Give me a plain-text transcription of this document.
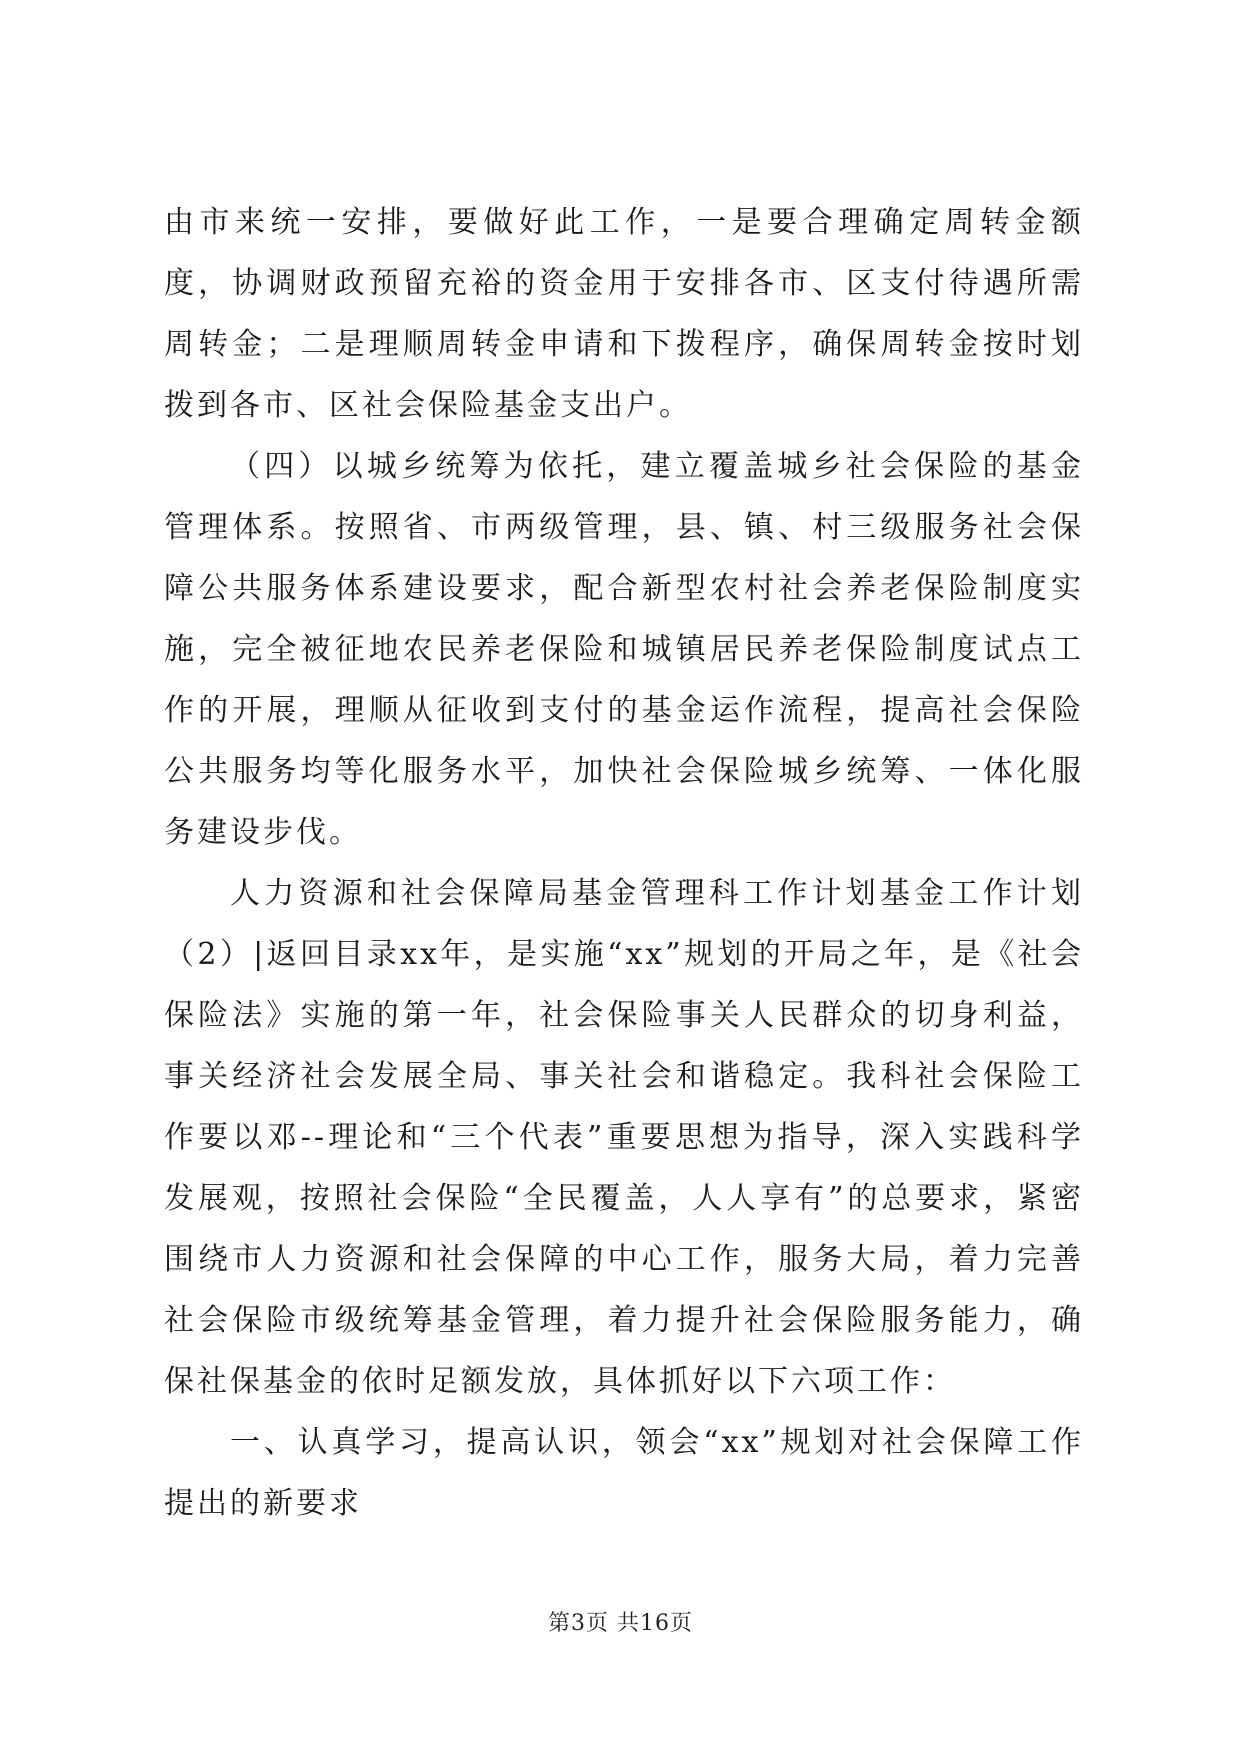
由市来统一安排，要做好此工作，一是要合理确定周转金额度，协调财政预留充裕的资金用于安排各市、区支付待遇所需周转金；二是理顺周转金申请和下拨程序，确保周转金按时划拨到各市、区社会保险基金支出户。

（四）以城乡统筹为依托，建立覆盖城乡社会保险的基金管理体系。按照省、市两级管理，县、镇、村三级服务社会保障公共服务体系建设要求，配合新型农村社会养老保险制度实施，完全被征地农民养老保险和城镇居民养老保险制度试点工作的开展，理顺从征收到支付的基金运作流程，提高社会保险公共服务均等化服务水平，加快社会保险城乡统筹、一体化服务建设步伐。

人力资源和社会保障局基金管理科工作计划基金工作计划（2）|返回目录xx年，是实施“xx”规划的开局之年，是《社会保险法》实施的第一年，社会保险事关人民群众的切身利益，事关经济社会发展全局、事关社会和谐稳定。我科社会保险工作要以邓--理论和“三个代表”重要思想为指导，深入实践科学发展观，按照社会保险“全民覆盖，人人享有”的总要求，紧密围绕市人力资源和社会保障的中心工作，服务大局，着力完善社会保险市级统筹基金管理，着力提升社会保险服务能力，确保社保基金的依时足额发放，具体抓好以下六项工作：

一、认真学习，提高认识，领会“xx”规划对社会保障工作提出的新要求

第3页 共16页
